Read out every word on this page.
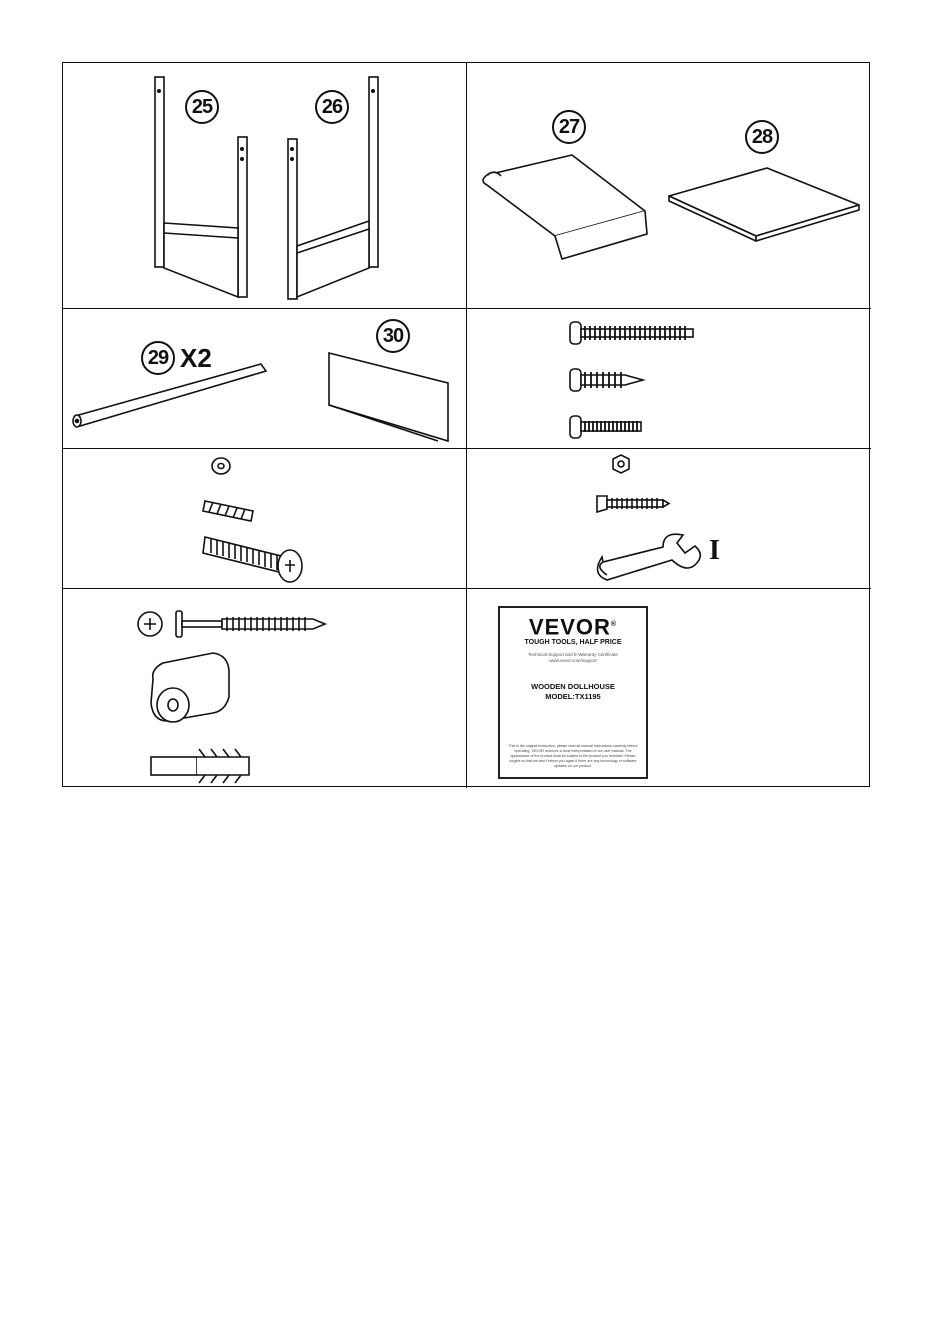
25	26
27	28
29 X2
30
I
VEVOR®
TOUGH TOOLS, HALF PRICE
Technical Support and E-Warranty Certificate
www.vevor.com/support
WOODEN DOLLHOUSE
MODEL:TX1195
This is the original instruction, please read all manual instructions carefully before operating. VEVOR reserves a clear interpretation of our user manual. The appearance of the product shall be subject to the product you received. Please forgive us that we won't inform you again if there are any technology or software updates on our product.
